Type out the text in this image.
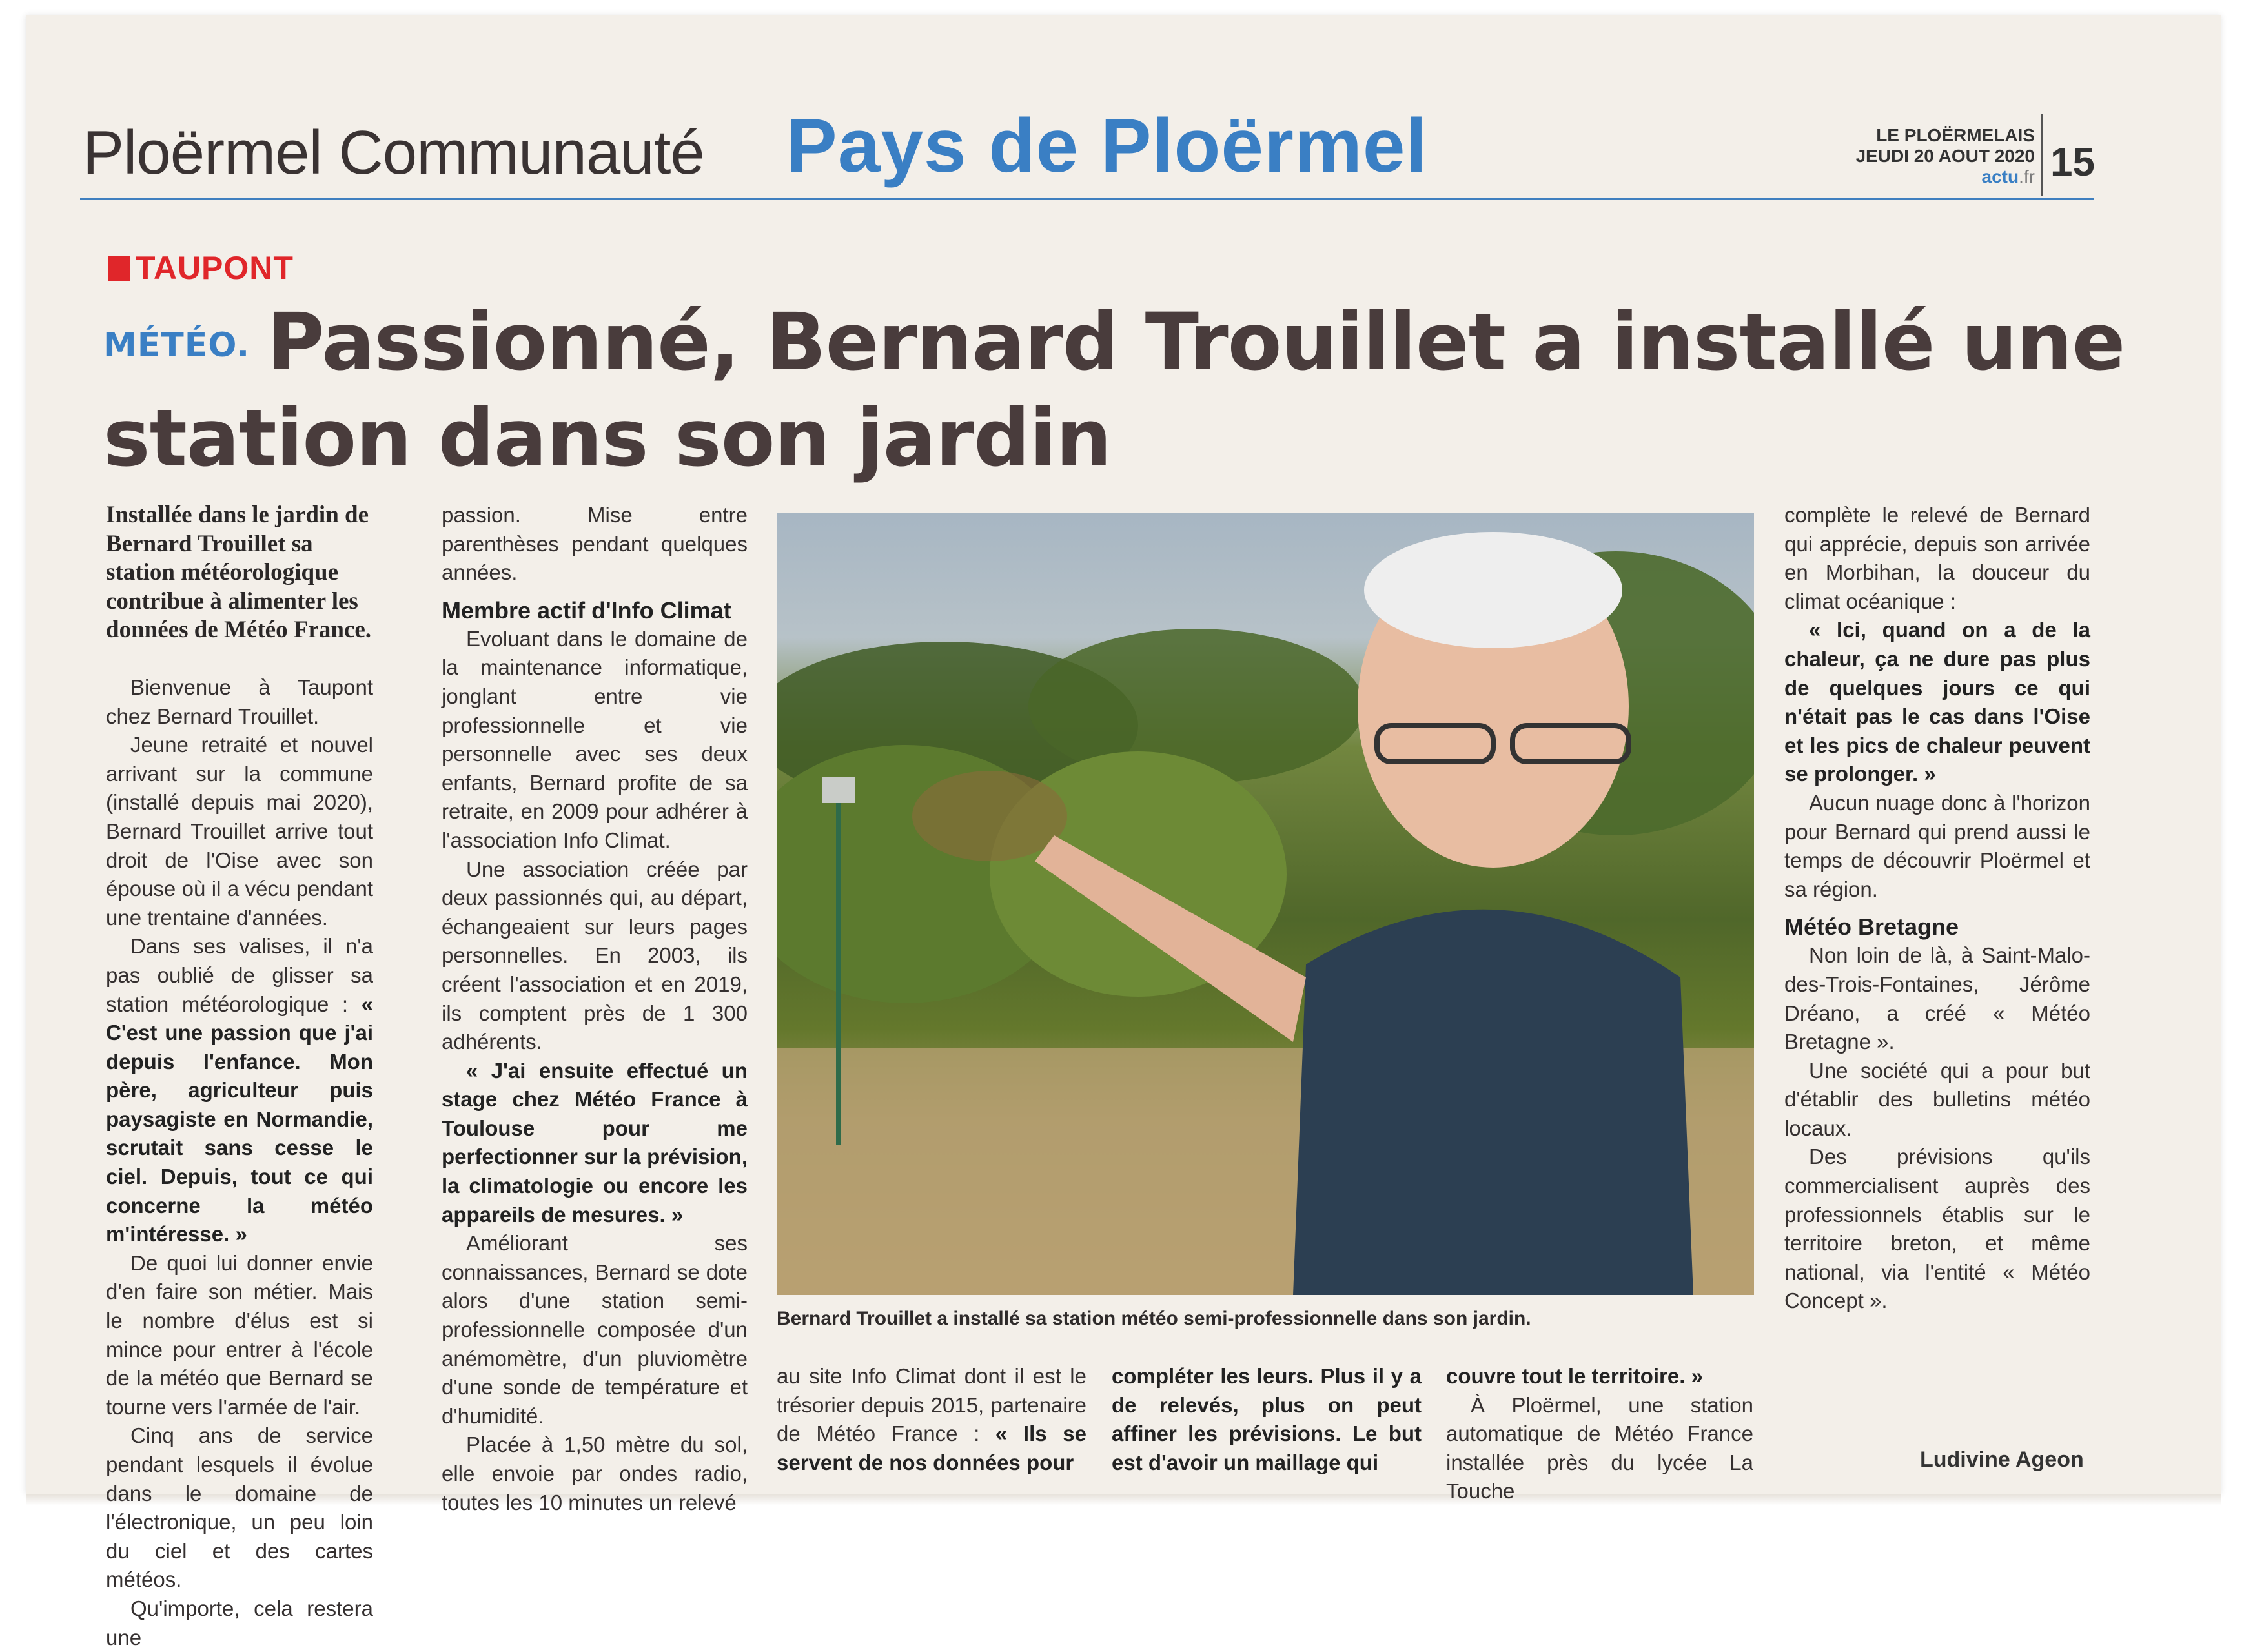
Ploërmel Communauté Pays de Ploërmel	LE PLOËRMELAIS
JEUDI 20 AOUT 2020
actu.fr 15
TAUPONT
MÉTÉO. Passionné, Bernard Trouillet a installé une station dans son jardin

Installée dans le jardin de Bernard Trouillet sa station météorologique contribue à alimenter les données de Météo France.

Bienvenue à Taupont chez Bernard Trouillet.

Jeune retraité et nouvel arrivant sur la commune (installé depuis mai 2020), Bernard Trouillet arrive tout droit de l'Oise avec son épouse où il a vécu pendant une trentaine d'années.

Dans ses valises, il n'a pas oublié de glisser sa station météorologique : « C'est une passion que j'ai depuis l'enfance. Mon père, agriculteur puis paysagiste en Normandie, scrutait sans cesse le ciel. Depuis, tout ce qui concerne la météo m'intéresse. »

De quoi lui donner envie d'en faire son métier. Mais le nombre d'élus est si mince pour entrer à l'école de la météo que Bernard se tourne vers l'armée de l'air.

Cinq ans de service pendant lesquels il évolue dans le domaine de l'électronique, un peu loin du ciel et des cartes météos.

Qu'importe, cela restera une

passion. Mise entre parenthèses pendant quelques années.

Membre actif d'Info Climat

Evoluant dans le domaine de la maintenance informatique, jonglant entre vie professionnelle et vie personnelle avec ses deux enfants, Bernard profite de sa retraite, en 2009 pour adhérer à l'association Info Climat.

Une association créée par deux passionnés qui, au départ, échangeaient sur leurs pages personnelles. En 2003, ils créent l'association et en 2019, ils comptent près de 1 300 adhérents.

« J'ai ensuite effectué un stage chez Météo France à Toulouse pour me perfectionner sur la prévision, la climatologie ou encore les appareils de mesures. »

Améliorant ses connaissances, Bernard se dote alors d'une station semi-professionnelle composée d'un anémomètre, d'un pluviomètre d'une sonde de température et d'humidité.

Placée à 1,50 mètre du sol, elle envoie par ondes radio, toutes les 10 minutes un relevé

Bernard Trouillet a installé sa station météo semi-professionnelle dans son jardin.

au site Info Climat dont il est le trésorier depuis 2015, partenaire de Météo France : « Ils se servent de nos données pour

compléter les leurs. Plus il y a de relevés, plus on peut affiner les prévisions. Le but est d'avoir un maillage qui

couvre tout le territoire. »

À Ploërmel, une station automatique de Météo France installée près du lycée La Touche

complète le relevé de Bernard qui apprécie, depuis son arrivée en Morbihan, la douceur du climat océanique :

« Ici, quand on a de la chaleur, ça ne dure pas plus de quelques jours ce qui n'était pas le cas dans l'Oise et les pics de chaleur peuvent se prolonger. »

Aucun nuage donc à l'horizon pour Bernard qui prend aussi le temps de découvrir Ploërmel et sa région.

Météo Bretagne

Non loin de là, à Saint-Malo-des-Trois-Fontaines, Jérôme Dréano, a créé « Météo Bretagne ».

Une société qui a pour but d'établir des bulletins météo locaux.

Des prévisions qu'ils commercialisent auprès des professionnels établis sur le territoire breton, et même national, via l'entité « Météo Concept ».

Ludivine Ageon
